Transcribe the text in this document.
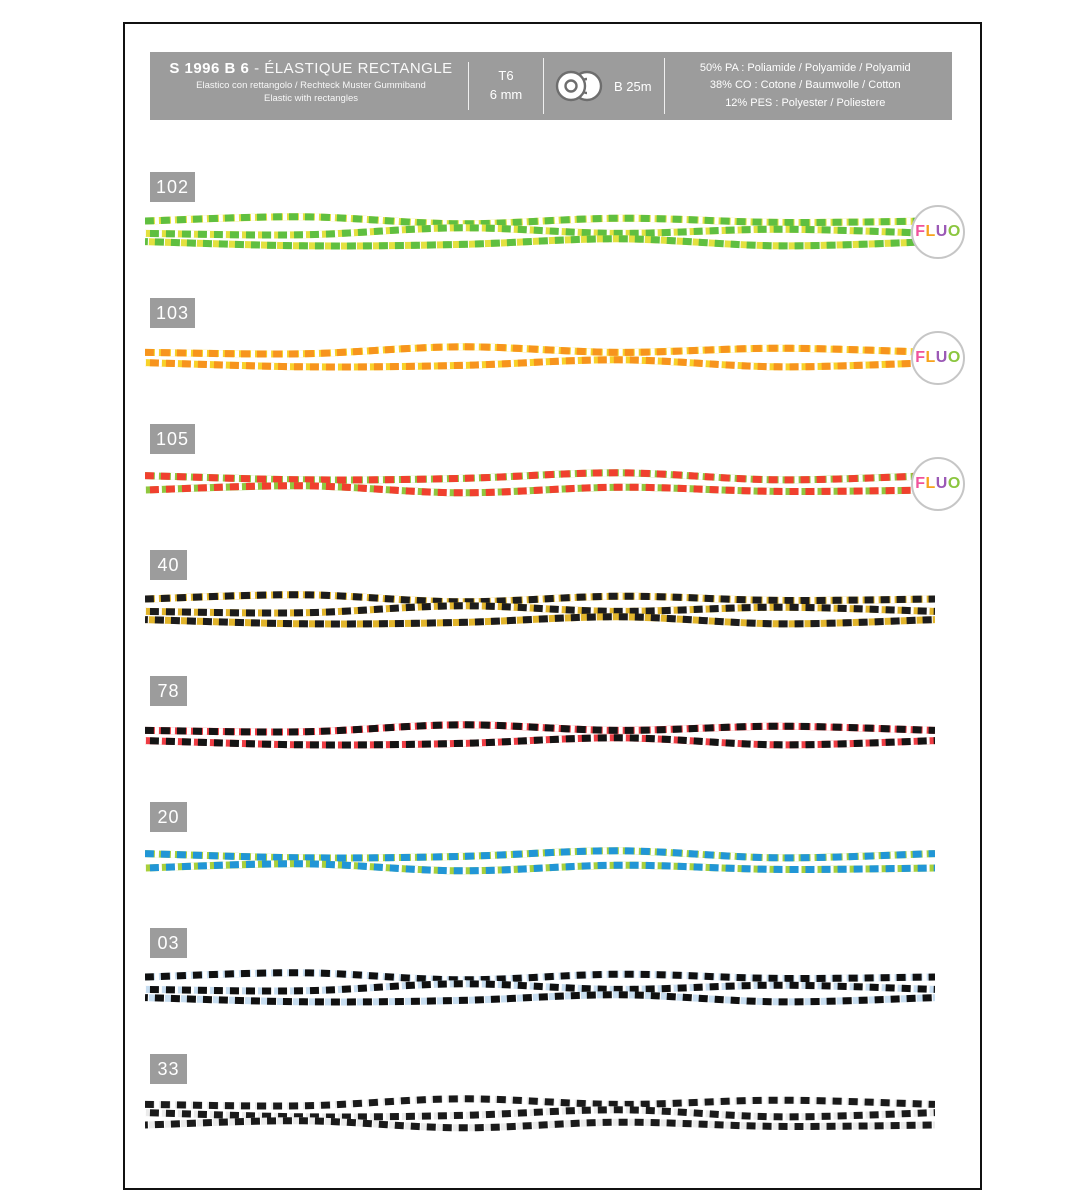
S 1996 B 6 - ÉLASTIQUE RECTANGLE
Elastico con rettangolo / Rechteck Muster Gummiband
Elastic with rectangles
T6
6 mm
B 25m
50% PA : Poliamide / Polyamide / Polyamid
38% CO : Cotone / Baumwolle / Cotton
12% PES : Polyester / Poliestere
102
F L U O
103
F L U O
105
F L U O
40
78
20
03
33
